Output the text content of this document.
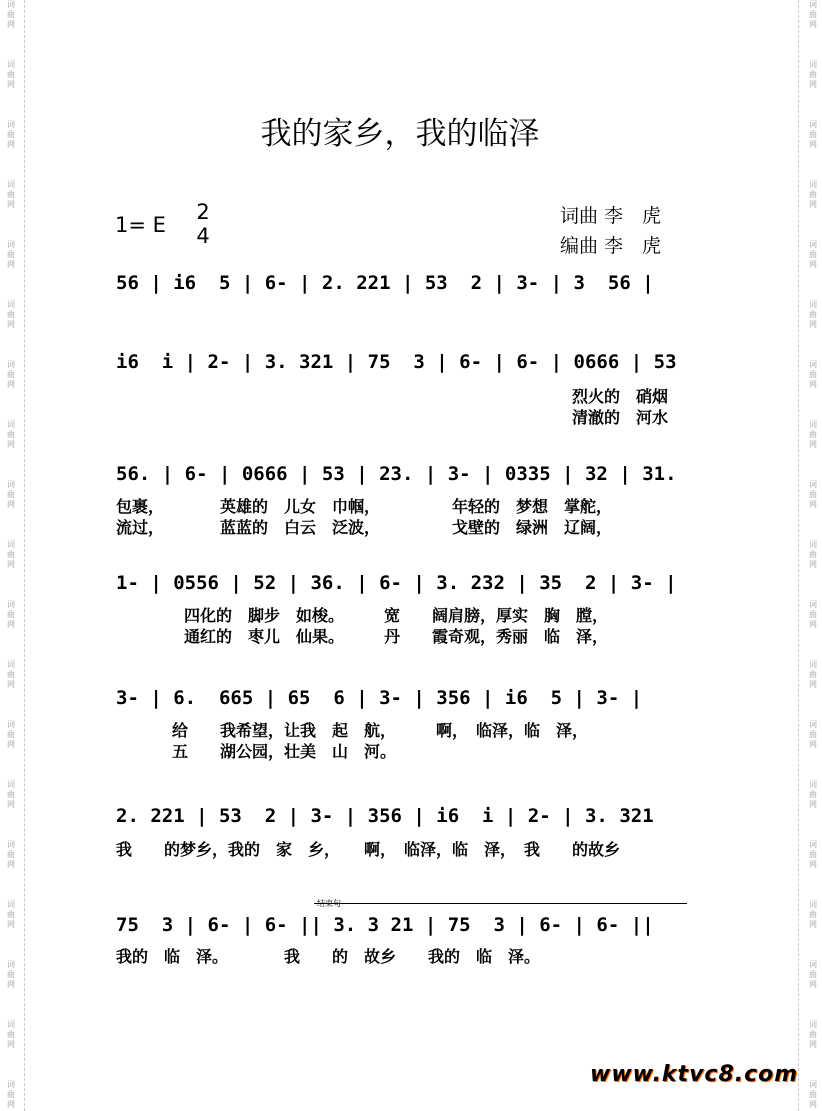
词曲网
词曲网
词曲网
词曲网
词曲网
词曲网
词曲网
词曲网
词曲网
词曲网
词曲网
词曲网
词曲网
词曲网
词曲网
词曲网
词曲网
词曲网
词曲网
词曲网
词曲网
词曲网
词曲网
词曲网
词曲网
词曲网
词曲网
词曲网
词曲网
词曲网
词曲网
词曲网
词曲网
词曲网
词曲网
词曲网
词曲网
词曲网
我的家乡，我的临泽
1= E
2
4
词曲 李　虎
编曲 李　虎
56 | i6  5 | 6- | 2. 221 | 53  2 | 3- | 3  56 |
i6  i | 2- | 3. 321 | 75  3 | 6- | 6- | 0666 | 53
烈火的　硝烟
清澈的　河水
56. | 6- | 0666 | 53 | 23. | 3- | 0335 | 32 | 31.
包裹，　　　　英雄的　儿女　巾帼，　　　　　年轻的　梦想　掌舵，
流过，　　　　蓝蓝的　白云　泛波，　　　　　戈壁的　绿洲　辽阔，
1- | 0556 | 52 | 36. | 6- | 3. 232 | 35  2 | 3- |
四化的　脚步　如梭。　　　宽　　阔肩膀，厚实　胸　膛，
通红的　枣儿　仙果。　　　丹　　霞奇观，秀丽　临　泽，
3- | 6.  665 | 65  6 | 3- | 356 | i6  5 | 3- |
给　　我希望，让我　起　航，　　　啊，　临泽，临　泽，
五　　湖公园，壮美　山　河。
2. 221 | 53  2 | 3- | 356 | i6  i | 2- | 3. 321
我　　的梦乡，我的　家　乡，　　啊，　临泽，临　泽，　我　　的故乡
结束句
75  3 | 6- | 6- || 3. 3 21 | 75  3 | 6- | 6- ||
我的　临　泽。　　　　我　　的　故乡　　我的　临　泽。
www.ktvc8.com
